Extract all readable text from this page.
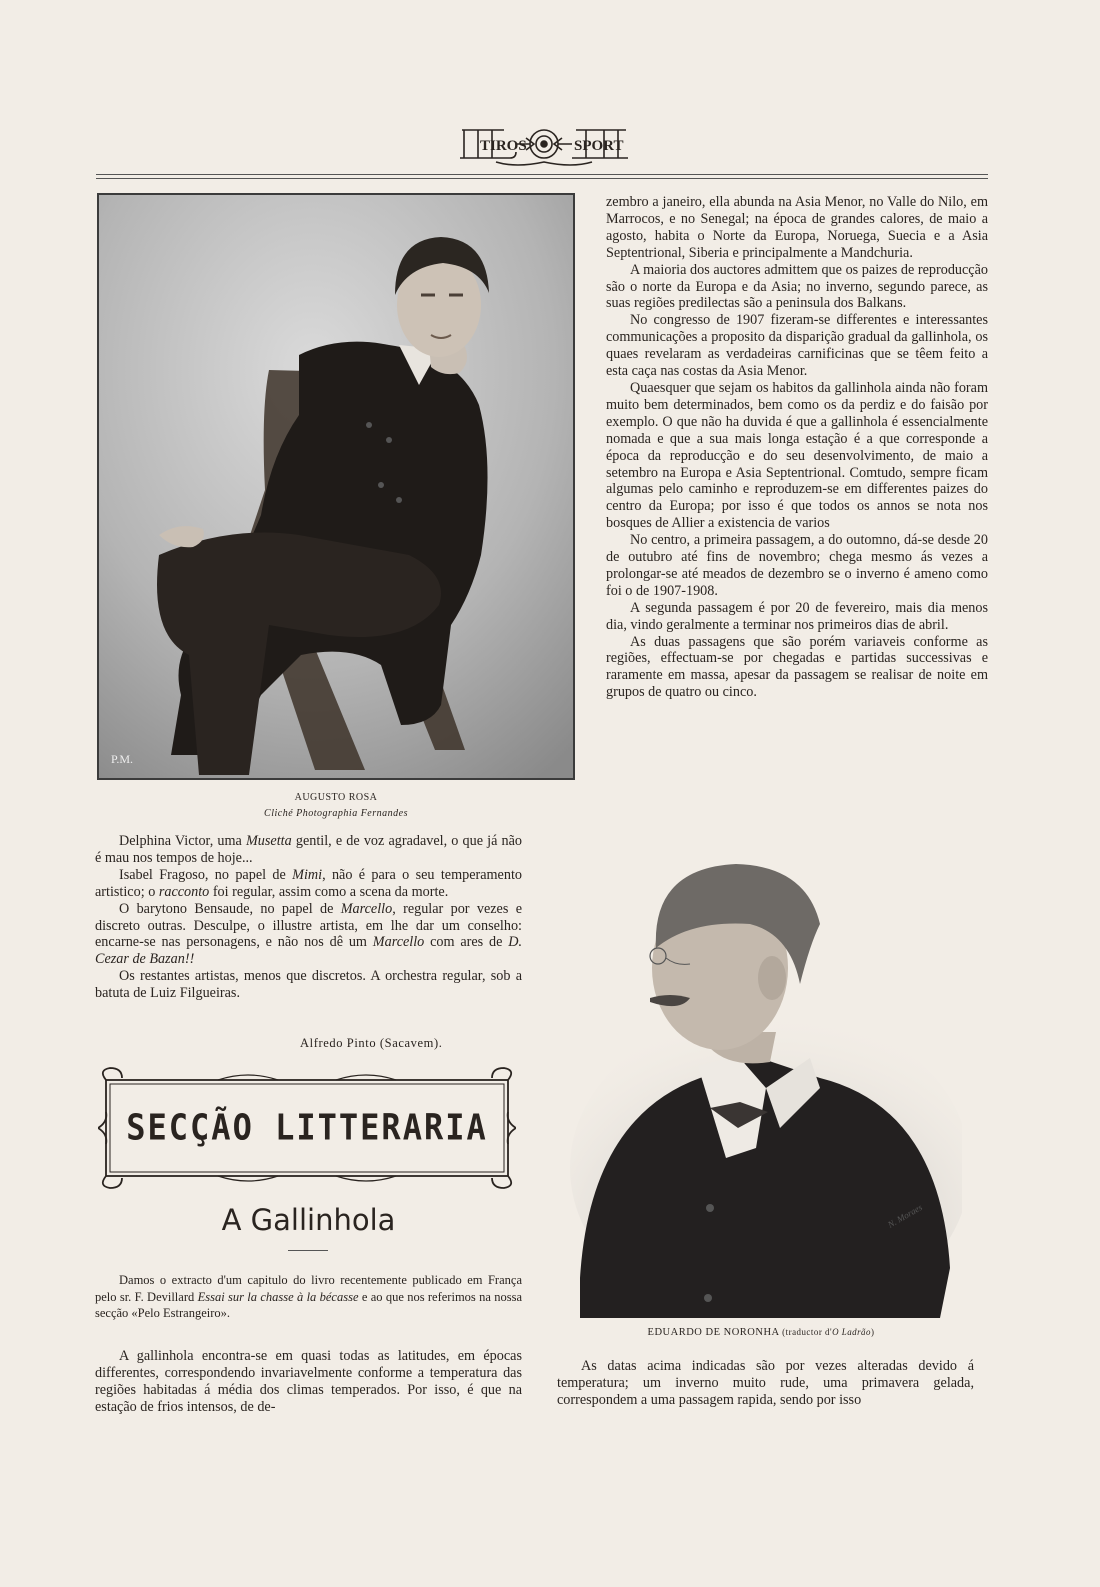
TIROS	SPORT
P.M.
AUGUSTO ROSA
Cliché Photographia Fernandes

Delphina Victor, uma Musetta gentil, e de voz agradavel, o que já não é mau nos tempos de hoje...

Isabel Fragoso, no papel de Mimi, não é para o seu temperamento artistico; o racconto foi regular, assim como a scena da morte.

O barytono Bensaude, no papel de Marcello, regular por vezes e discreto outras. Desculpe, o illustre artista, em lhe dar um conselho: encarne-se nas personagens, e não nos dê um Marcello com ares de D. Cezar de Bazan!!

Os restantes artistas, menos que discretos. A orchestra regular, sob a batuta de Luiz Filgueiras.

Alfredo Pinto (Sacavem).
SECÇÃO LITTERARIA
A Gallinhola

Damos o extracto d'um capitulo do livro recentemente publicado em França pelo sr. F. Devillard Essai sur la chasse à la bécasse e ao que nos referimos na nossa secção «Pelo Estrangeiro».

A gallinhola encontra-se em quasi todas as latitudes, em épocas differentes, correspondendo invariavelmente conforme a temperatura das regiões habitadas á média dos climas temperados. Por isso, é que na estação de frios intensos, de de-

zembro a janeiro, ella abunda na Asia Menor, no Valle do Nilo, em Marrocos, e no Senegal; na época de grandes calores, de maio a agosto, habita o Norte da Europa, Noruega, Suecia e a Asia Septentrional, Siberia e principalmente a Mandchuria.

A maioria dos auctores admittem que os paizes de reproducção são o norte da Europa e da Asia; no inverno, segundo parece, as suas regiões predilectas são a peninsula dos Balkans.

No congresso de 1907 fizeram-se differentes e interessantes communicações a proposito da disparição gradual da gallinhola, os quaes revelaram as verdadeiras carnificinas que se têem feito a esta caça nas costas da Asia Menor.

Quaesquer que sejam os habitos da gallinhola ainda não foram muito bem determinados, bem como os da perdiz e do faisão por exemplo. O que não ha duvida é que a gallinhola é essencialmente nomada e que a sua mais longa estação é a que corresponde a época da reproducção e do seu desenvolvimento, de maio a setembro na Europa e Asia Septentrional. Comtudo, sempre ficam algumas pelo caminho e reproduzem-se em differentes paizes do centro da Europa; por isso é que todos os annos se nota nos bosques de Allier a existencia de varios

No centro, a primeira passagem, a do outomno, dá-se desde 20 de outubro até fins de novembro; chega mesmo ás vezes a prolongar-se até meados de dezembro se o inverno é ameno como foi o de 1907-1908.

A segunda passagem é por 20 de fevereiro, mais dia menos dia, vindo geralmente a terminar nos primeiros dias de abril.

As duas passagens que são porém variaveis conforme as regiões, effectuam-se por chegadas e partidas successivas e raramente em massa, apesar da passagem se realisar de noite em grupos de quatro ou cinco.

N. Moraes
EDUARDO DE NORONHA (traductor d'O Ladrão)

As datas acima indicadas são por vezes alteradas devido á temperatura; um inverno muito rude, uma primavera gelada, correspondem a uma passagem rapida, sendo por isso
